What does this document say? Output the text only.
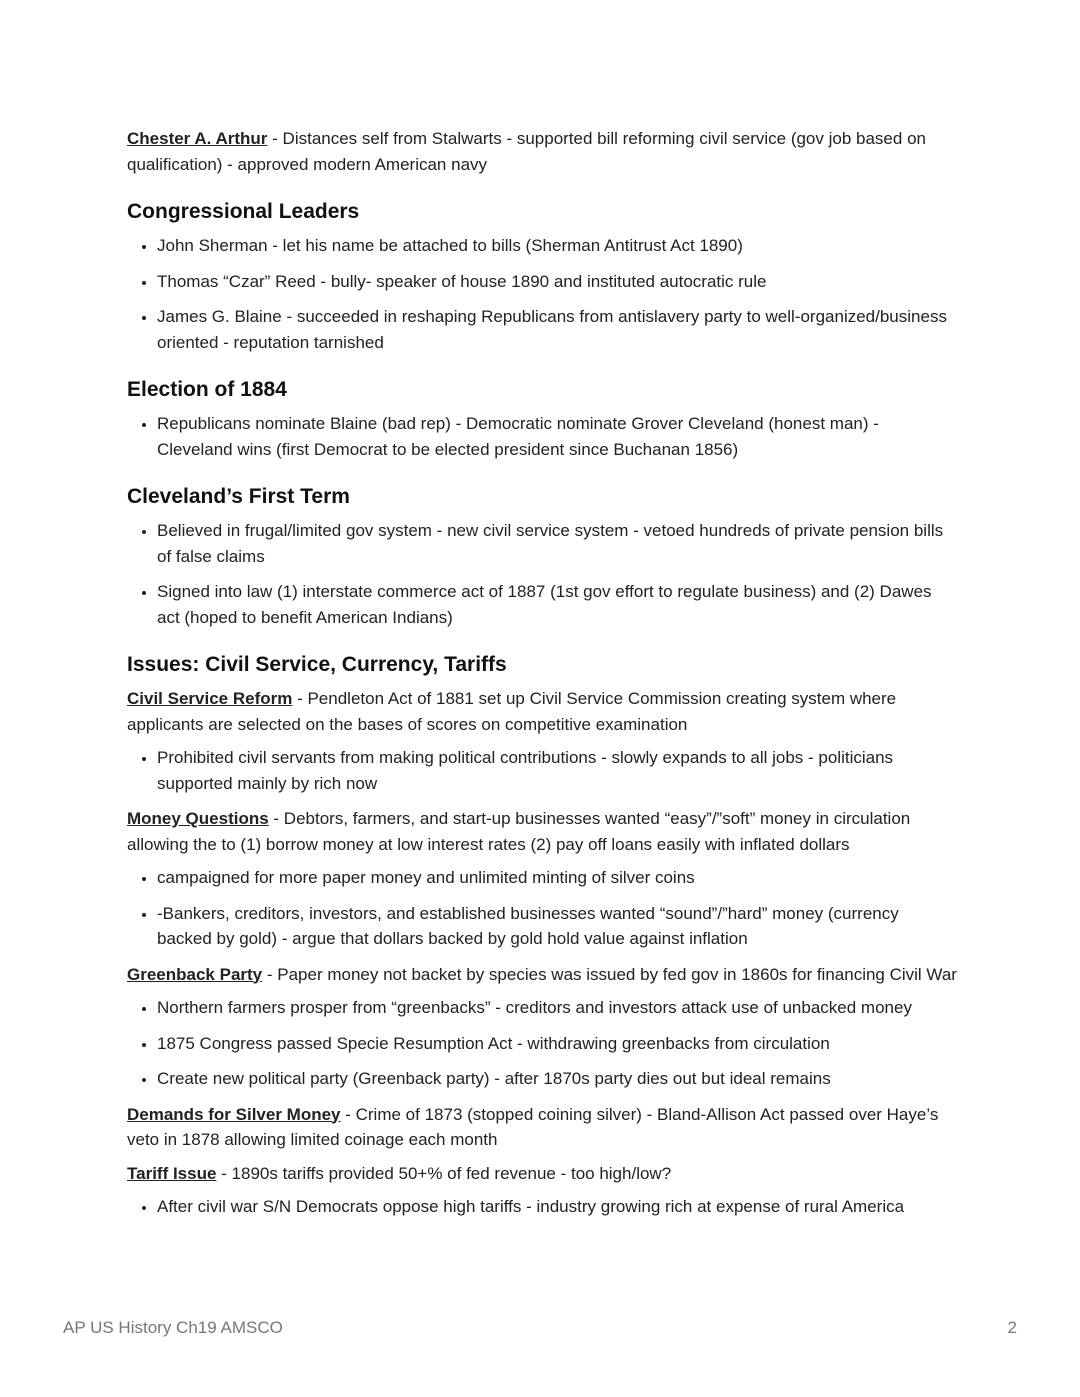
Chester A. Arthur - Distances self from Stalwarts - supported bill reforming civil service (gov job based on qualification) - approved modern American navy

Congressional Leaders
• John Sherman - let his name be attached to bills (Sherman Antitrust Act 1890)
• Thomas “Czar” Reed - bully- speaker of house 1890 and instituted autocratic rule
• James G. Blaine - succeeded in reshaping Republicans from antislavery party to well-organized/business oriented - reputation tarnished
Election of 1884
• Republicans nominate Blaine (bad rep) - Democratic nominate Grover Cleveland (honest man) - Cleveland wins (first Democrat to be elected president since Buchanan 1856)
Cleveland’s First Term
• Believed in frugal/limited gov system - new civil service system - vetoed hundreds of private pension bills of false claims
• Signed into law (1) interstate commerce act of 1887 (1st gov effort to regulate business) and (2) Dawes act (hoped to benefit American Indians)
Issues: Civil Service, Currency, Tariffs

Civil Service Reform - Pendleton Act of 1881 set up Civil Service Commission creating system where applicants are selected on the bases of scores on competitive examination

• Prohibited civil servants from making political contributions - slowly expands to all jobs - politicians supported mainly by rich now

Money Questions - Debtors, farmers, and start-up businesses wanted “easy”/”soft” money in circulation allowing the to (1) borrow money at low interest rates (2) pay off loans easily with inflated dollars

• campaigned for more paper money and unlimited minting of silver coins
• -Bankers, creditors, investors, and established businesses wanted “sound”/”hard” money (currency backed by gold) - argue that dollars backed by gold hold value against inflation

Greenback Party - Paper money not backet by species was issued by fed gov in 1860s for financing Civil War

• Northern farmers prosper from “greenbacks” - creditors and investors attack use of unbacked money
• 1875 Congress passed Specie Resumption Act - withdrawing greenbacks from circulation
• Create new political party (Greenback party) - after 1870s party dies out but ideal remains

Demands for Silver Money - Crime of 1873 (stopped coining silver) - Bland-Allison Act passed over Haye’s veto in 1878 allowing limited coinage each month

Tariff Issue - 1890s tariffs provided 50+% of fed revenue - too high/low?

• After civil war S/N Democrats oppose high tariffs - industry growing rich at expense of rural America
AP US History Ch19 AMSCO	2
